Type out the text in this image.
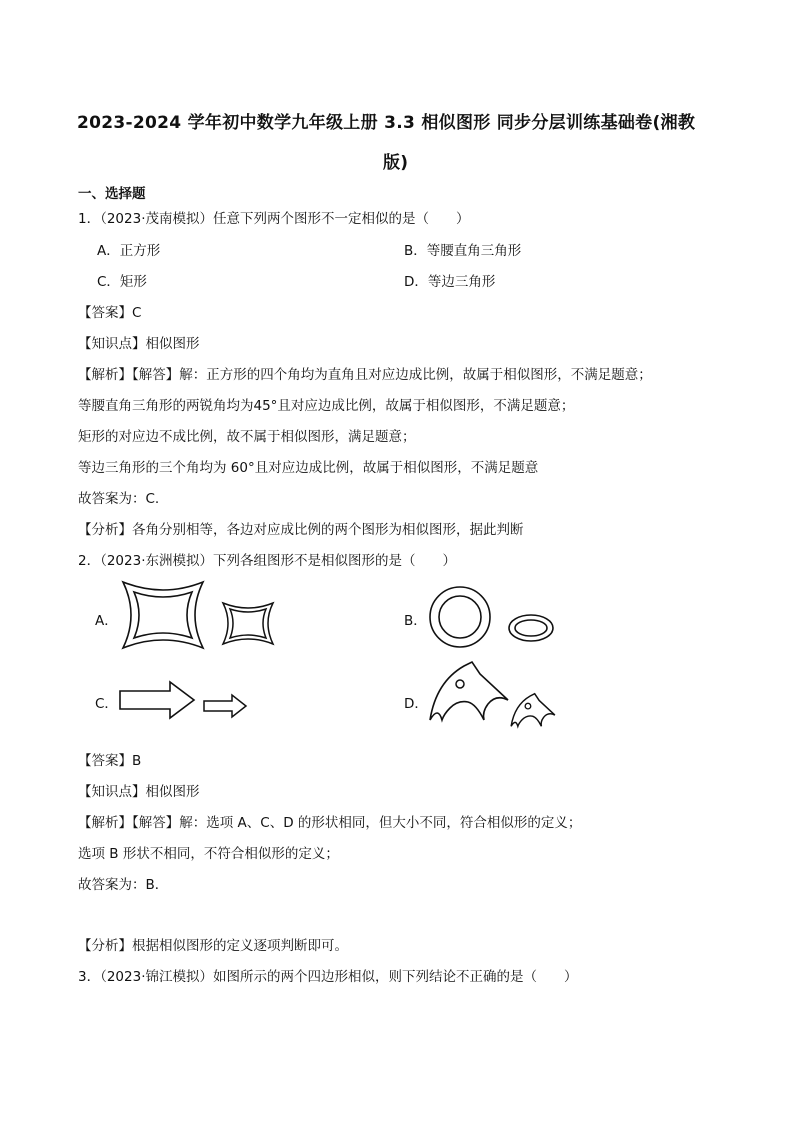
2023-2024 学年初中数学九年级上册 3.3 相似图形 同步分层训练基础卷(湘教
版)
一、选择题
1．（2023·茂南模拟）任意下列两个图形不一定相似的是（　　）
A．正方形	B．等腰直角三角形
C．矩形	D．等边三角形
【答案】C
【知识点】相似图形
【解析】【解答】解：正方形的四个角均为直角且对应边成比例，故属于相似图形，不满足题意；
等腰直角三角形的两锐角均为45°且对应边成比例，故属于相似图形，不满足题意；
矩形的对应边不成比例，故不属于相似图形，满足题意；
等边三角形的三个角均为 60°且对应边成比例，故属于相似图形，不满足题意
故答案为：C.
【分析】各角分别相等，各边对应成比例的两个图形为相似图形，据此判断
2．（2023·东洲模拟）下列各组图形不是相似图形的是（　　）
A．	B．
C．	D．
【答案】B
【知识点】相似图形
【解析】【解答】解：选项 A、C、D 的形状相同，但大小不同，符合相似形的定义；
选项 B 形状不相同，不符合相似形的定义；
故答案为：B．
【分析】根据相似图形的定义逐项判断即可。
3．（2023·锦江模拟）如图所示的两个四边形相似，则下列结论不正确的是（　　）
